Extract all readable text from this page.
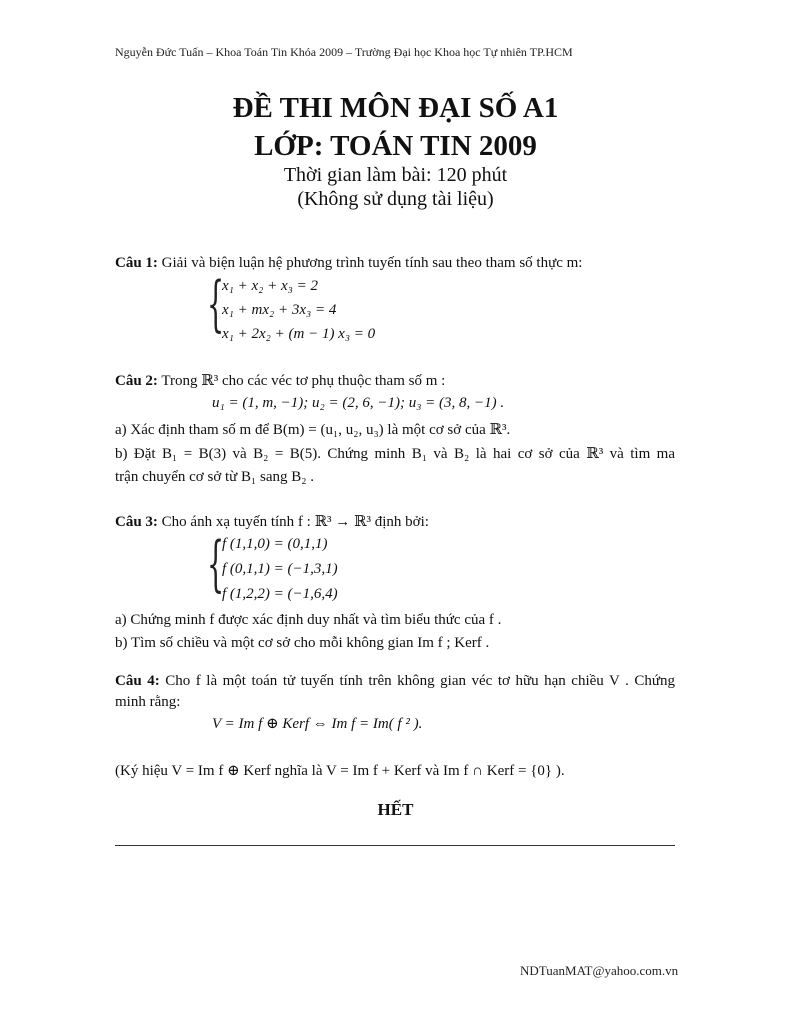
Nguyễn Đức Tuấn – Khoa Toán Tin Khóa 2009 – Trường Đại học Khoa học Tự nhiên TP.HCM
ĐỀ THI MÔN ĐẠI SỐ A1
LỚP: TOÁN TIN 2009
Thời gian làm bài: 120 phút
(Không sử dụng tài liệu)
Câu 1: Giải và biện luận hệ phương trình tuyến tính sau theo tham số thực m:
{
x₁ + x₂ + x₃ = 2
x₁ + mx₂ + 3x₃ = 4
x₁ + 2x₂ + (m − 1) x₃ = 0
Câu 2: Trong ℝ³ cho các véc tơ phụ thuộc tham số m :
u₁ = (1, m, −1); u₂ = (2, 6, −1); u₃ = (3, 8, −1) .
a) Xác định tham số m để B(m) = (u₁, u₂, u₃) là một cơ sở của ℝ³.
b) Đặt B₁ = B(3) và B₂ = B(5). Chứng minh B₁ và B₂ là hai cơ sở của ℝ³ và tìm ma
trận chuyển cơ sở từ B₁ sang B₂ .
Câu 3: Cho ánh xạ tuyến tính f : ℝ³ → ℝ³ định bởi:
{
f (1,1,0) = (0,1,1)
f (0,1,1) = (−1,3,1)
f (1,2,2) = (−1,6,4)
a) Chứng minh f được xác định duy nhất và tìm biểu thức của f .
b) Tìm số chiều và một cơ sở cho mỗi không gian Im f ; Kerf .
Câu 4: Cho f là một toán tử tuyến tính trên không gian véc tơ hữu hạn chiều V . Chứng
minh rằng:
V = Im f ⊕ Kerf ⇔ Im f = Im( f ² ).
(Ký hiệu V = Im f ⊕ Kerf nghĩa là V = Im f + Kerf và Im f ∩ Kerf = {0} ).
HẾT
NDTuanMAT@yahoo.com.vn
